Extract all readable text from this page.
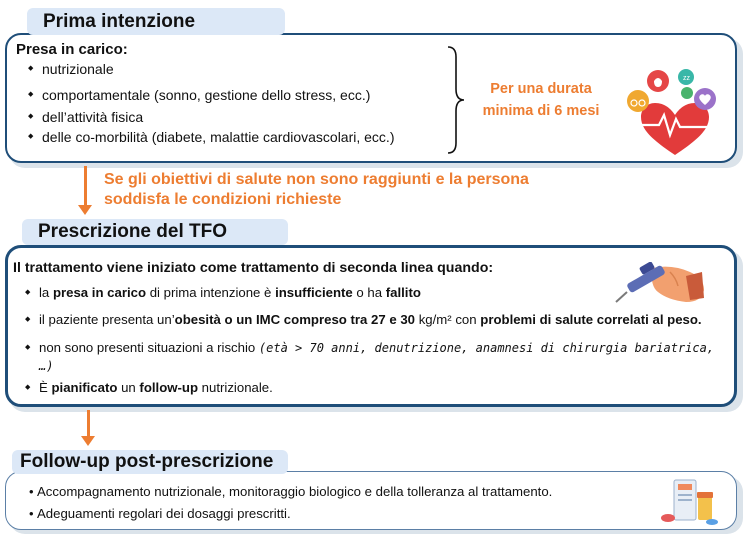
Prima intenzione
Presa in carico:
◆ nutrizionale
◆ comportamentale (sonno, gestione dello stress, ecc.)
◆ dell’attività fisica
◆ delle co-morbilità (diabete, malattie cardiovascolari, ecc.)
Per una durata
minima di 6 mesi
zz
Se gli obiettivi di salute non sono raggiunti e la persona
soddisfa le condizioni richieste
Prescrizione del TFO
Il trattamento viene iniziato come trattamento di seconda linea quando:
◆ la presa in carico di prima intenzione è insufficiente o ha fallito
◆ il paziente presenta un’obesità o un IMC compreso tra 27 e 30 kg/m² con problemi di salute correlati al peso.
◆ non sono presenti situazioni a rischio (età > 70 anni, denutrizione, anamnesi di chirurgia bariatrica, …)
◆ È pianificato un follow-up nutrizionale.
Follow-up post-prescrizione
• Accompagnamento nutrizionale, monitoraggio biologico e della tolleranza al trattamento.
• Adeguamenti regolari dei dosaggi prescritti.
